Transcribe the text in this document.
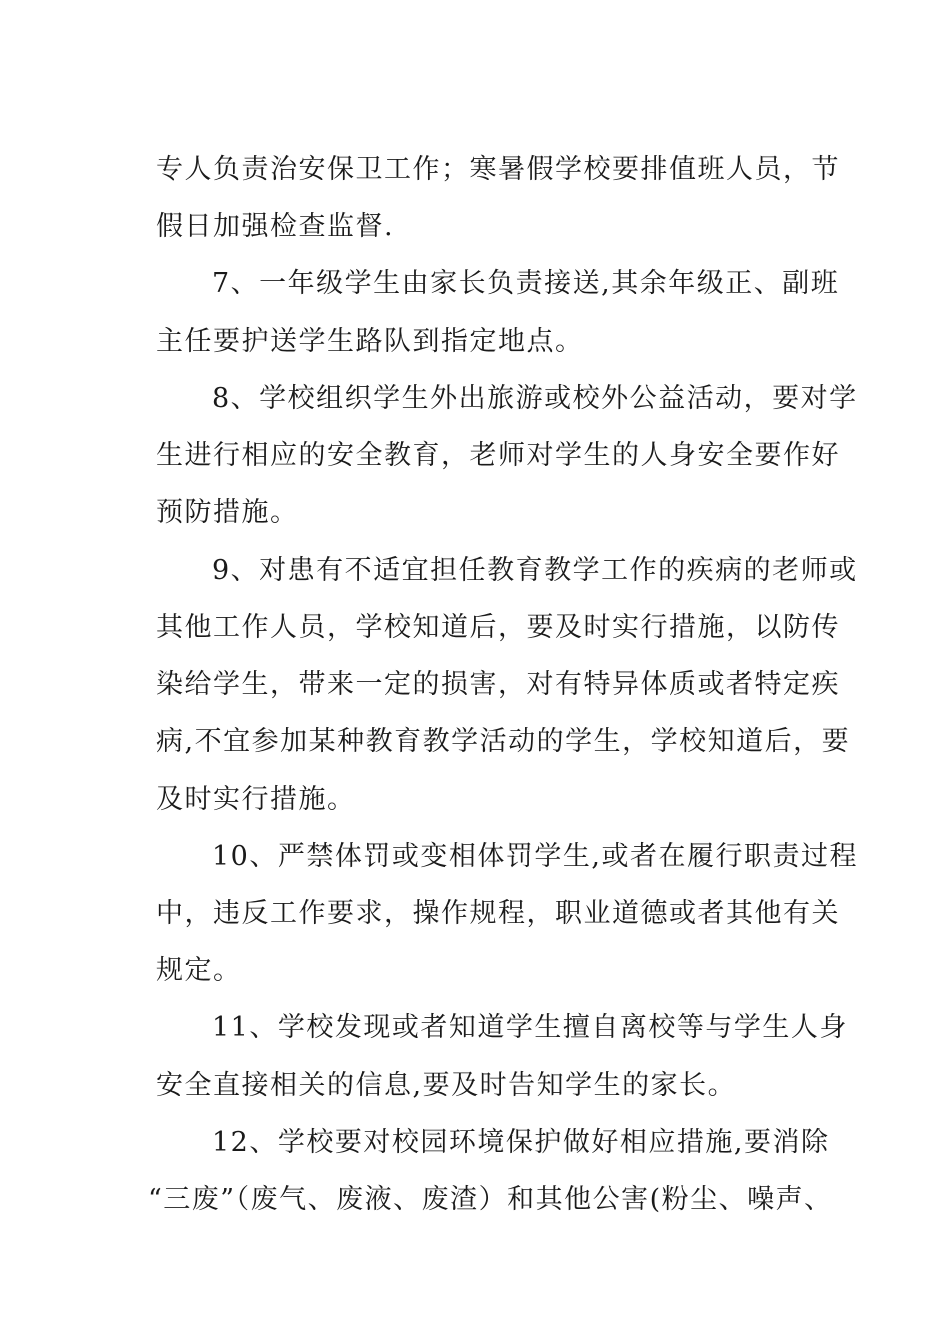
专人负责治安保卫工作；寒暑假学校要排值班人员，节
假日加强检查监督.
7、一年级学生由家长负责接送,其余年级正、副班
主任要护送学生路队到指定地点。
8、学校组织学生外出旅游或校外公益活动，要对学
生进行相应的安全教育，老师对学生的人身安全要作好
预防措施。
9、对患有不适宜担任教育教学工作的疾病的老师或
其他工作人员，学校知道后，要及时实行措施，以防传
染给学生，带来一定的损害，对有特异体质或者特定疾
病,不宜参加某种教育教学活动的学生，学校知道后，要
及时实行措施。
10、严禁体罚或变相体罚学生,或者在履行职责过程
中，违反工作要求，操作规程，职业道德或者其他有关
规定。
11、学校发现或者知道学生擅自离校等与学生人身
安全直接相关的信息,要及时告知学生的家长。
12、学校要对校园环境保护做好相应措施,要消除
“三废”（废气、废液、废渣）和其他公害(粉尘、噪声、
